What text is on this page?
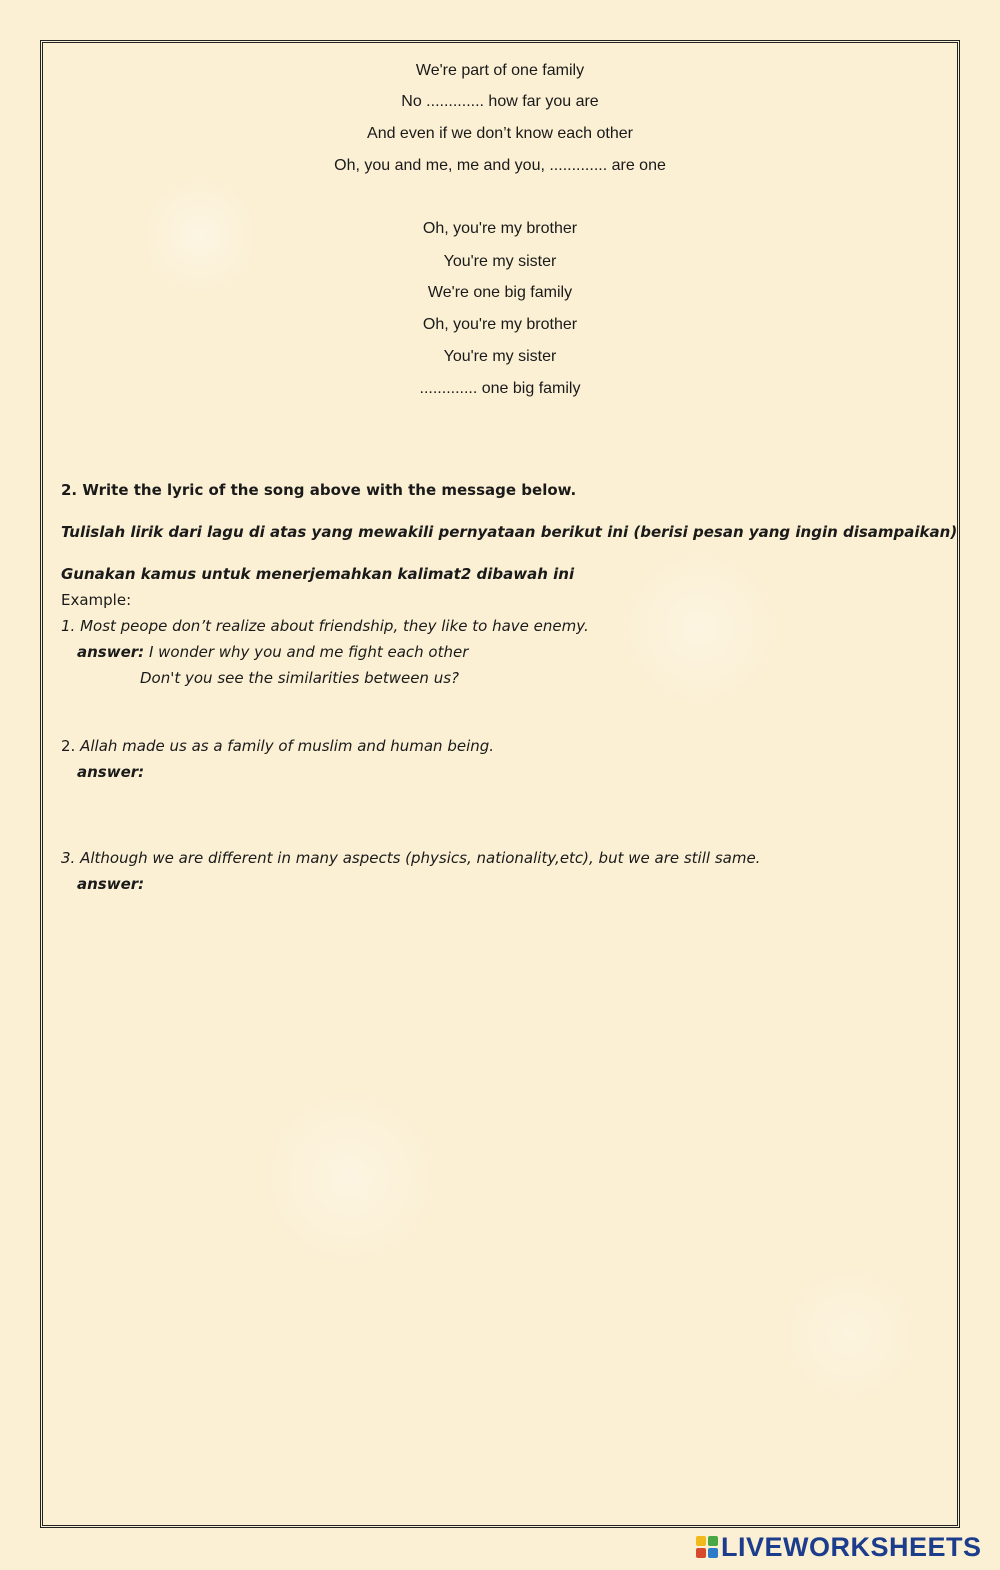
We're part of one family
No ............. how far you are
And even if we don’t know each other
Oh, you and me, me and you, ............. are one
Oh, you're my brother
You're my sister
We're one big family
Oh, you're my brother
You're my sister
............. one big family
2. Write the lyric of the song above with the message below.
Tulislah lirik dari lagu di atas yang mewakili pernyataan berikut ini (berisi pesan yang ingin disampaikan)
Gunakan kamus untuk menerjemahkan kalimat2 dibawah ini
Example:
1. Most peope don’t realize about friendship, they like to have enemy.
answer: I wonder why you and me fight each other
Don't you see the similarities between us?
2. Allah made us as a family of muslim and human being.
answer:
3. Although we are different in many aspects (physics, nationality,etc), but we are still same.
answer:
LIVEWORKSHEETS
